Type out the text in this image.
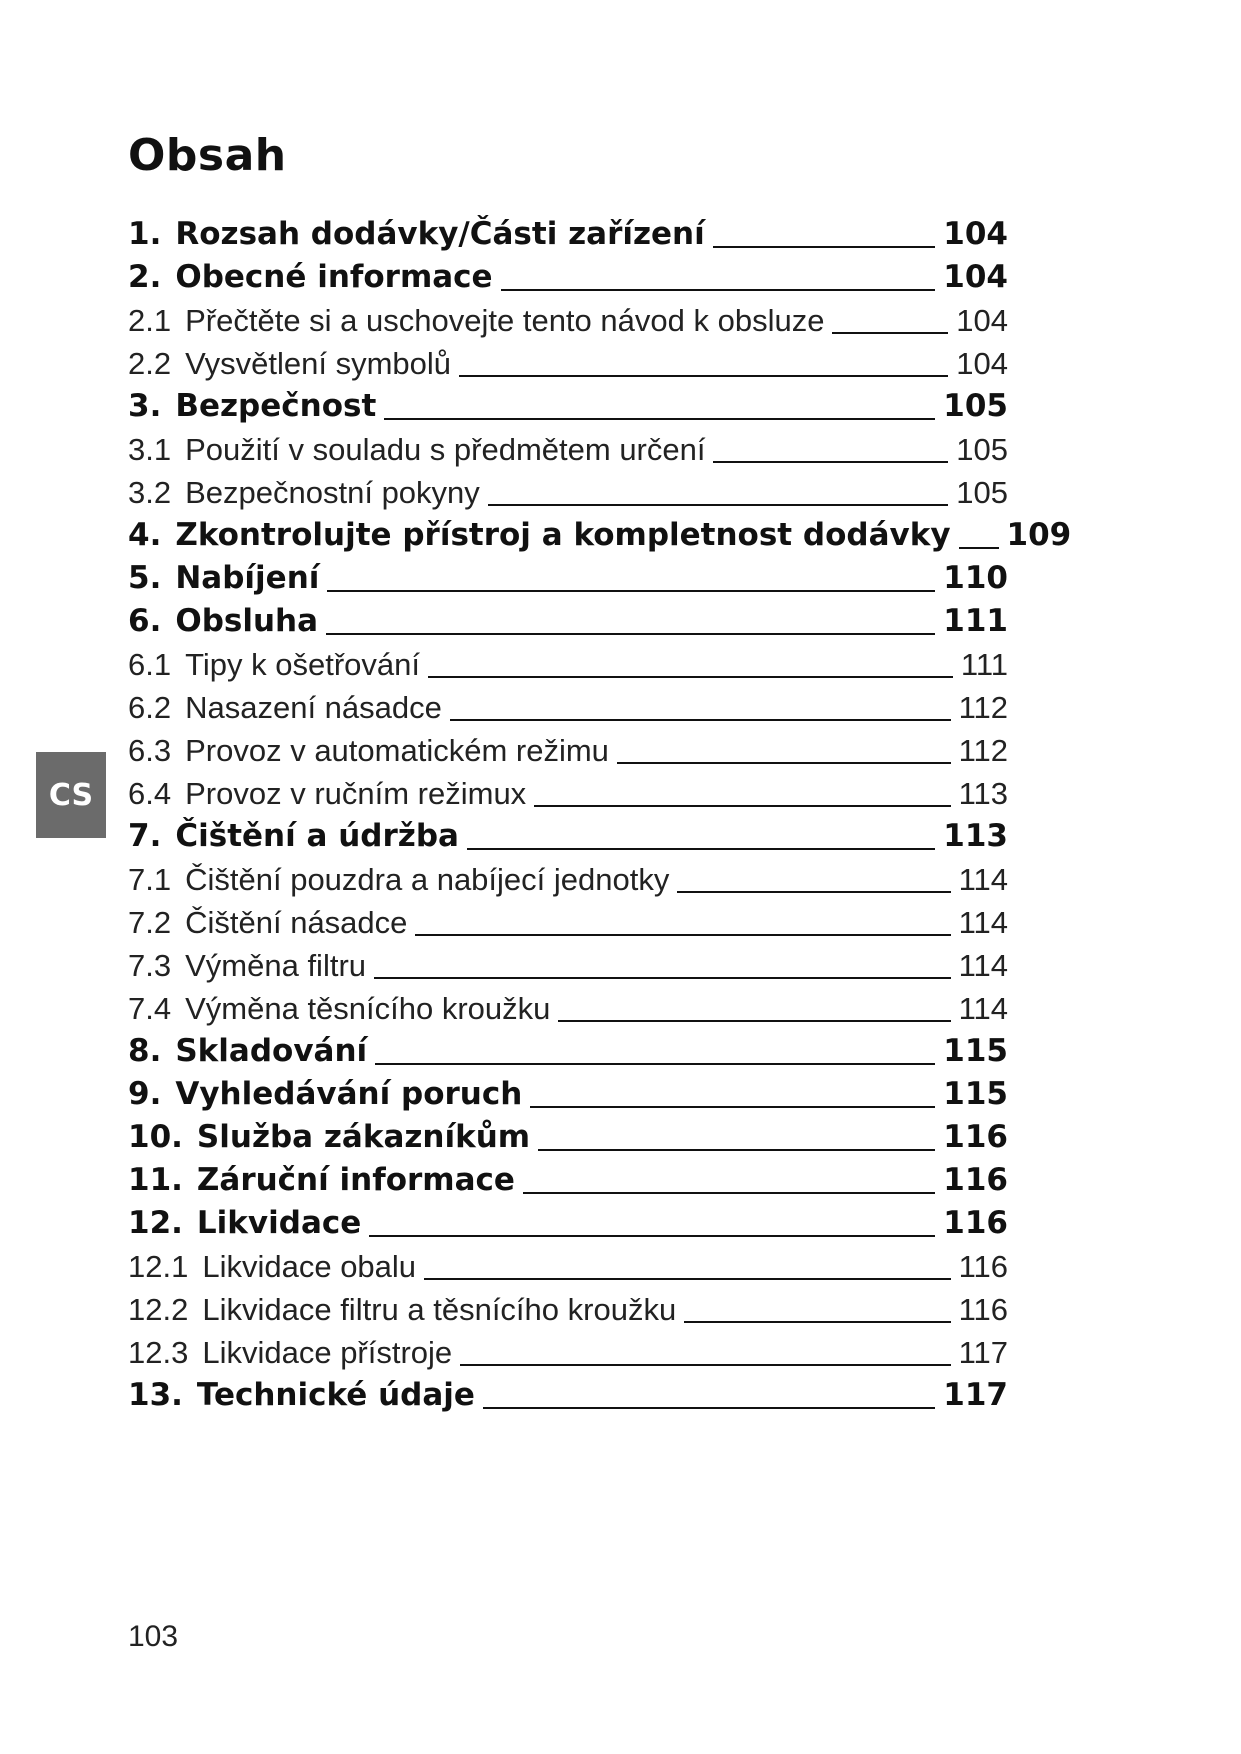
Obsah
1. Rozsah dodávky/Části zařízení	104
2. Obecné informace	104
2.1 Přečtěte si a uschovejte tento návod k obsluze	104
2.2 Vysvětlení symbolů	104
3. Bezpečnost	105
3.1 Použití v souladu s předmětem určení	105
3.2 Bezpečnostní pokyny	105
4. Zkontrolujte přístroj a kompletnost dodávky 109
5. Nabíjení	110
6. Obsluha	111
6.1 Tipy k ošetřování	111
6.2 Nasazení násadce	112
6.3 Provoz v automatickém režimu	112
6.4 Provoz v ručním režimux	113
7. Čištění a údržba	113
7.1 Čištění pouzdra a nabíjecí jednotky	114
7.2 Čištění násadce	114
7.3 Výměna filtru	114
7.4 Výměna těsnícího kroužku	114
8. Skladování	115
9. Vyhledávání poruch	115
10. Služba zákazníkům	116
11. Záruční informace	116
12. Likvidace	116
12.1 Likvidace obalu	116
12.2 Likvidace filtru a těsnícího kroužku	116
12.3 Likvidace přístroje	117
13. Technické údaje	117
CS
103
